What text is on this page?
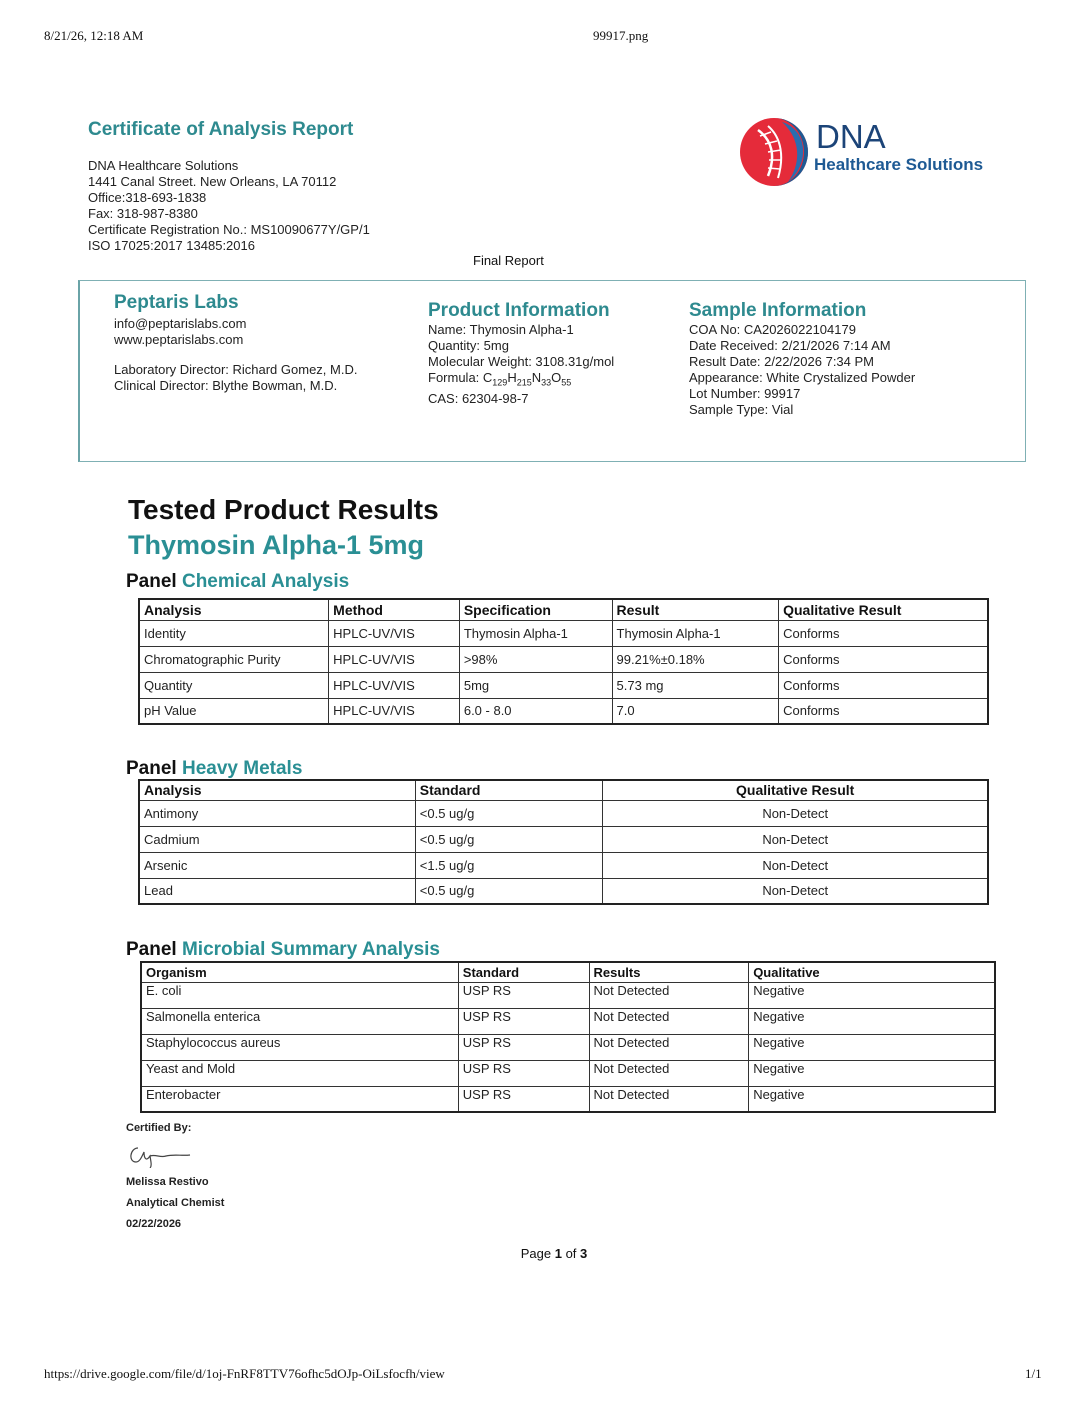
8/21/26, 12:18 AM	99917.png
Certificate of Analysis Report
DNA Healthcare Solutions
1441 Canal Street. New Orleans, LA 70112
Office:318-693-1838
Fax: 318-987-8380
Certificate Registration No.: MS10090677Y/GP/1
ISO 17025:2017 13485:2016
Final Report
DNA
Healthcare Solutions
Peptaris Labs
info@peptarislabs.com
www.peptarislabs.com
Laboratory Director: Richard Gomez, M.D.
Clinical Director: Blythe Bowman, M.D.
Product Information
Name: Thymosin Alpha-1
Quantity: 5mg
Molecular Weight: 3108.31g/mol
Formula: $C_{129}H_{215}N_{33}O_{55}$
CAS: 62304-98-7
Sample Information
COA No: CA2026022104179
Date Received: 2/21/2026 7:14 AM
Result Date: 2/22/2026 7:34 PM
Appearance: White Crystalized Powder
Lot Number: 99917
Sample Type: Vial
Tested Product Results
Thymosin Alpha-1 5mg
Panel Chemical Analysis
Analysis	Method	Specification	Result	Qualitative Result
Identity	HPLC-UV/VIS	Thymosin Alpha-1	Thymosin Alpha-1	Conforms
Chromatographic Purity	HPLC-UV/VIS	>98%	99.21%±0.18%	Conforms
Quantity	HPLC-UV/VIS	5mg	5.73 mg	Conforms
pH Value	HPLC-UV/VIS	6.0 - 8.0	7.0	Conforms
Panel Heavy Metals
Analysis	Standard	Qualitative Result
Antimony	<0.5 ug/g	Non-Detect
Cadmium	<0.5 ug/g	Non-Detect
Arsenic	<1.5 ug/g	Non-Detect
Lead	<0.5 ug/g	Non-Detect
Panel Microbial Summary Analysis
Organism	Standard	Results	Qualitative
E. coli	USP RS	Not Detected	Negative
Salmonella enterica	USP RS	Not Detected	Negative
Staphylococcus aureus	USP RS	Not Detected	Negative
Yeast and Mold	USP RS	Not Detected	Negative
Enterobacter	USP RS	Not Detected	Negative
Certified By:
Melissa Restivo
Analytical Chemist
02/22/2026
Page 1 of 3
https://drive.google.com/file/d/1oj-FnRF8TTV76ofhc5dOJp-OiLsfocfh/view	1/1
